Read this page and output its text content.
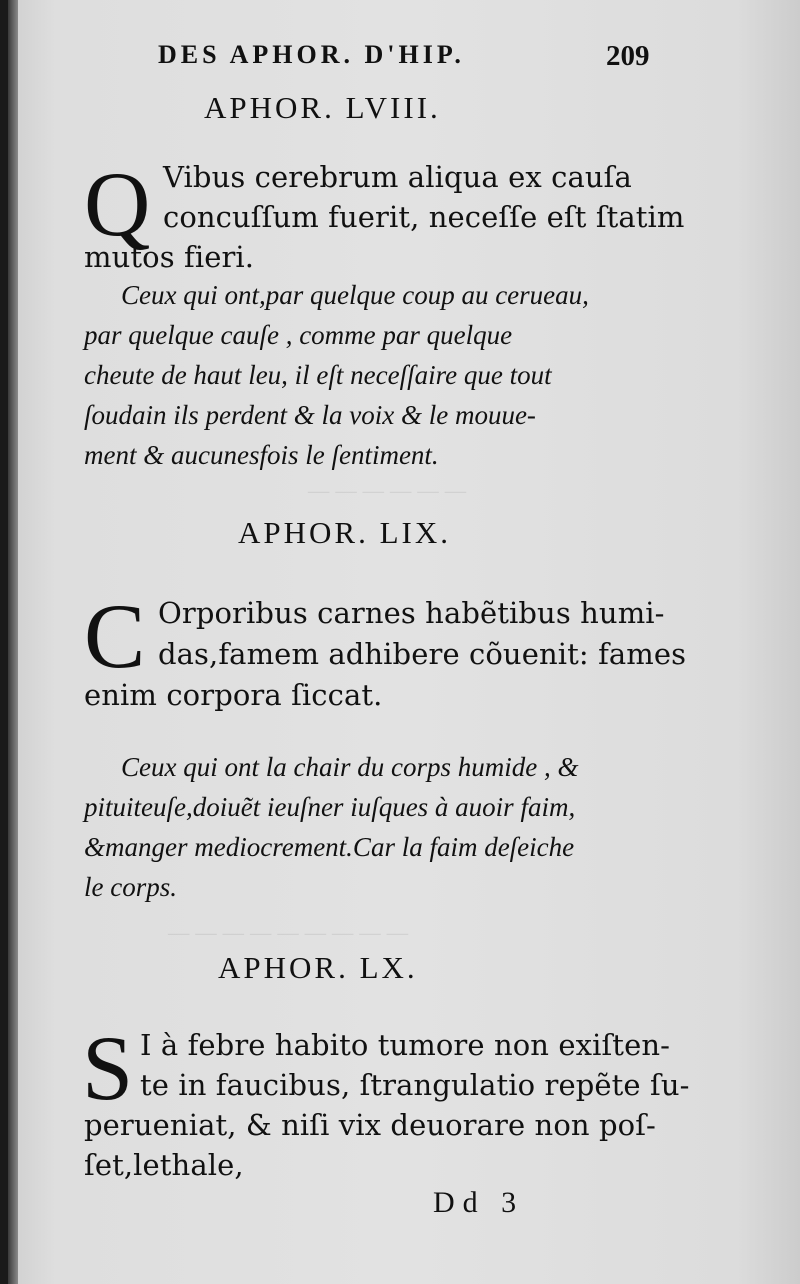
— — — — — —
— — — — — — — — —
DES APHOR. D'HIP.	209
APHOR. LVIII.
Q Vibus cerebrum aliqua ex cauſa
concuſſum fuerit, neceſſe eſt ſtatim
mutos fieri.
Ceux qui ont,par quelque coup au cerueau,
par quelque cauſe , comme par quelque
cheute de haut leu, il eſt neceſſaire que tout
ſoudain ils perdent & la voix & le mouue-
ment & aucunesfois le ſentiment.
APHOR. LIX.
C Orporibus carnes habẽtibus humi-
das,famem adhibere cõuenit: fames
enim corpora ſiccat.
Ceux qui ont la chair du corps humide , &
pituiteuſe,doiuẽt ieuſner iuſques à auoir faim,
&manger mediocrement.Car la faim deſeiche
le corps.
APHOR. LX.
S I à febre habito tumore non exiſten-
te in faucibus, ſtrangulatio repẽte ſu-
perueniat, & niſi vix deuorare non poſ-
ſet,lethale,
Dd 3
